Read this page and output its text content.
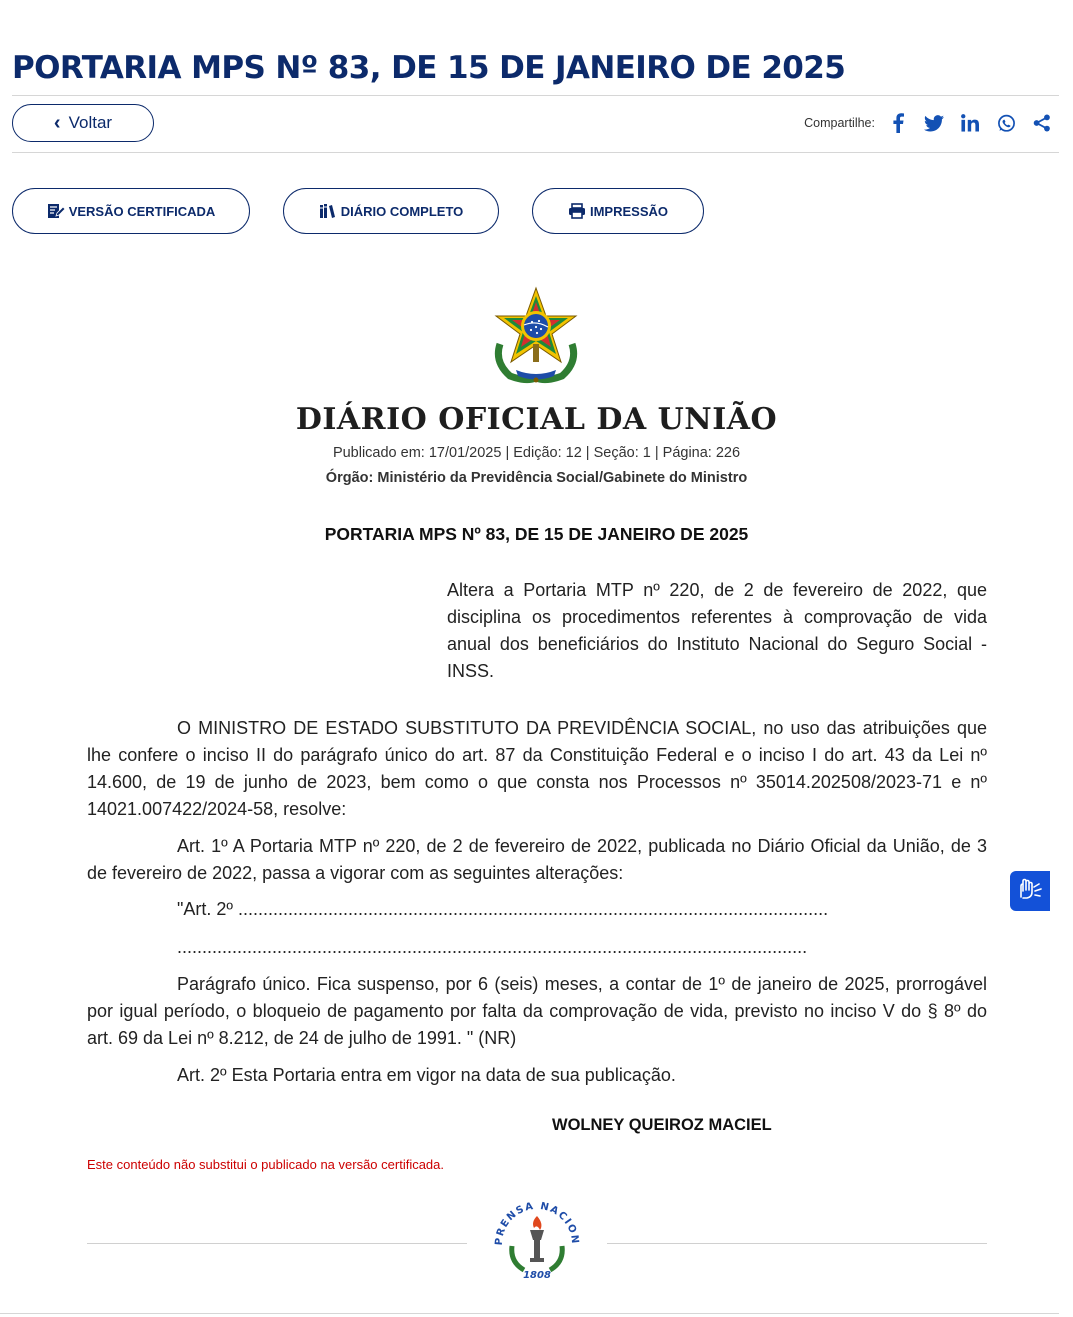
PORTARIA MPS Nº 83, DE 15 DE JANEIRO DE 2025
‹ Voltar	Compartilhe:
VERSÃO CERTIFICADA	DIÁRIO COMPLETO	IMPRESSÃO
DIÁRIO OFICIAL DA UNIÃO
Publicado em: 17/01/2025 | Edição: 12 | Seção: 1 | Página: 226
Órgão: Ministério da Previdência Social/Gabinete do Ministro
PORTARIA MPS Nº 83, DE 15 DE JANEIRO DE 2025
Altera a Portaria MTP nº 220, de 2 de fevereiro de 2022, que disciplina os procedimentos referentes à comprovação de vida anual dos beneficiários do Instituto Nacional do Seguro Social - INSS.

O MINISTRO DE ESTADO SUBSTITUTO DA PREVIDÊNCIA SOCIAL, no uso das atribuições que lhe confere o inciso II do parágrafo único do art. 87 da Constituição Federal e o inciso I do art. 43 da Lei nº 14.600, de 19 de junho de 2023, bem como o que consta nos Processos nº 35014.202508/2023-71 e nº 14021.007422/2024-58, resolve:

Art. 1º A Portaria MTP nº 220, de 2 de fevereiro de 2022, publicada no Diário Oficial da União, de 3 de fevereiro de 2022, passa a vigorar com as seguintes alterações:

"Art. 2º ......................................................................................................................
..............................................................................................................................

Parágrafo único. Fica suspenso, por 6 (seis) meses, a contar de 1º de janeiro de 2025, prorrogável por igual período, o bloqueio de pagamento por falta da comprovação de vida, previsto no inciso V do § 8º do art. 69 da Lei nº 8.212, de 24 de julho de 1991. " (NR)

Art. 2º Esta Portaria entra em vigor na data de sua publicação.

WOLNEY QUEIROZ MACIEL
Este conteúdo não substitui o publicado na versão certificada.
PRENSA NACION
1808
